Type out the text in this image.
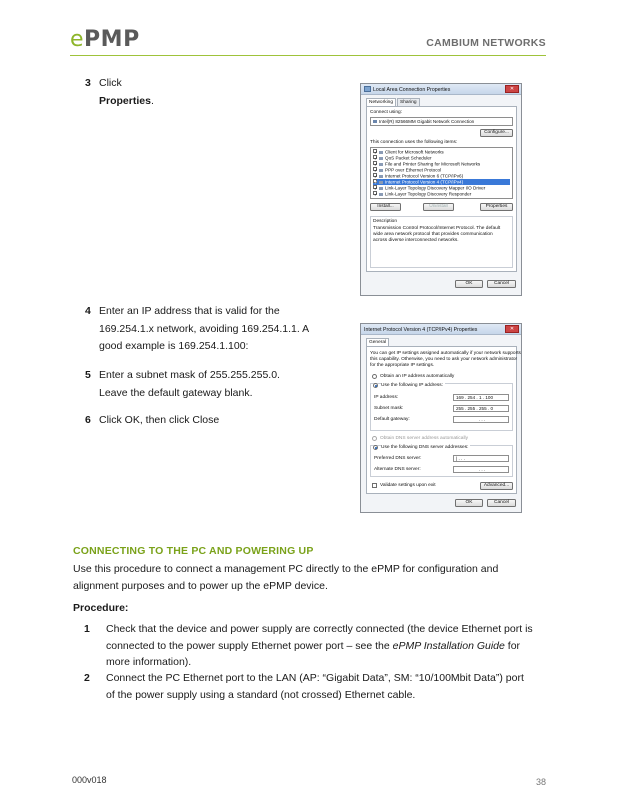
ePMP	CAMBIUM NETWORKS
3 Click Properties.
4 Enter an IP address that is valid for the
169.254.1.x network, avoiding 169.254.1.1. A
good example is 169.254.1.100:
5 Enter a subnet mask of 255.255.255.0.
Leave the default gateway blank.
6 Click OK, then click Close
Local Area Connection Properties	✕
Networking	Sharing
Connect using:
Intel(R) 82566MM Gigabit Network Connection
Configure...
This connection uses the following items:
✓ Client for Microsoft Networks
✓ QoS Packet Scheduler
✓ File and Printer Sharing for Microsoft Networks
✓ PPP over Ethernet Protocol
✓ Internet Protocol Version 6 (TCP/IPv6)
✓ Internet Protocol Version 4 (TCP/IPv4)
✓ Link-Layer Topology Discovery Mapper I/O Driver
✓ Link-Layer Topology Discovery Responder
Install...	Uninstall	Properties
Description
Transmission Control Protocol/Internet Protocol. The default
wide area network protocol that provides communication
across diverse interconnected networks.
OK	Cancel
Internet Protocol Version 4 (TCP/IPv4) Properties	✕
General
You can get IP settings assigned automatically if your network supports
this capability. Otherwise, you need to ask your network administrator
for the appropriate IP settings.
Obtain an IP address automatically
Use the following IP address:
IP address:	169 . 254 . 1 . 100
Subnet mask:	255 . 255 . 255 . 0
Default gateway:	. . .
Obtain DNS server address automatically
Use the following DNS server addresses:
Preferred DNS server:	| . . .
Alternate DNS server:	. . .
Validate settings upon exit	Advanced...
OK	Cancel
CONNECTING TO THE PC AND POWERING UP
Use this procedure to connect a management PC directly to the ePMP for configuration and
alignment purposes and to power up the ePMP device.
Procedure:
1 Check that the device and power supply are correctly connected (the device Ethernet port is
connected to the power supply Ethernet power port – see the ePMP Installation Guide for
more information).
2 Connect the PC Ethernet port to the LAN (AP: “Gigabit Data”, SM: “10/100Mbit Data”) port
of the power supply using a standard (not crossed) Ethernet cable.
000v018	38
